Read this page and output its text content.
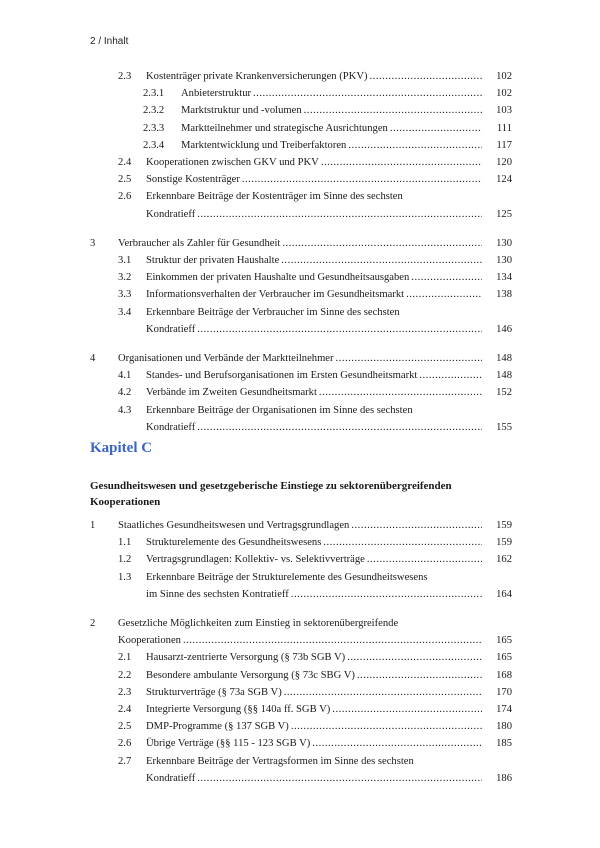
2 / Inhalt
2.3 Kostenträger private Krankenversicherungen (PKV) .....	102
2.3.1 Anbieterstruktur .....	102
2.3.2 Marktstruktur und -volumen .....	103
2.3.3 Marktteilnehmer und strategische Ausrichtungen .....	111
2.3.4 Marktentwicklung und Treiberfaktoren .....	117
2.4 Kooperationen zwischen GKV und PKV .....	120
2.5 Sonstige Kostenträger .....	124
2.6 Erkennbare Beiträge der Kostenträger im Sinne des sechsten
Kondratieff .....	125
3 Verbraucher als Zahler für Gesundheit .....	130
3.1 Struktur der privaten Haushalte .....	130
3.2 Einkommen der privaten Haushalte und Gesundheitsausgaben .....	134
3.3 Informationsverhalten der Verbraucher im Gesundheitsmarkt .....	138
3.4 Erkennbare Beiträge der Verbraucher im Sinne des sechsten
Kondratieff .....	146
4 Organisationen und Verbände der Marktteilnehmer .....	148
4.1 Standes- und Berufsorganisationen im Ersten Gesundheitsmarkt .....	148
4.2 Verbände im Zweiten Gesundheitsmarkt .....	152
4.3 Erkennbare Beiträge der Organisationen im Sinne des sechsten
Kondratieff .....	155
1 Staatliches Gesundheitswesen und Vertragsgrundlagen .....	159
1.1 Strukturelemente des Gesundheitswesens .....	159
1.2 Vertragsgrundlagen: Kollektiv- vs. Selektivverträge .....	162
1.3 Erkennbare Beiträge der Strukturelemente des Gesundheitswesens
im Sinne des sechsten Kontratieff .....	164
2 Gesetzliche Möglichkeiten zum Einstieg in sektorenübergreifende
Kooperationen .....	165
2.1 Hausarzt-zentrierte Versorgung (§ 73b SGB V) .....	165
2.2 Besondere ambulante Versorgung (§ 73c SBG V) .....	168
2.3 Strukturverträge (§ 73a SGB V) .....	170
2.4 Integrierte Versorgung (§§ 140a ff. SGB V) .....	174
2.5 DMP-Programme (§ 137 SGB V) .....	180
2.6 Übrige Verträge (§§ 115 - 123 SGB V) .....	185
2.7 Erkennbare Beiträge der Vertragsformen im Sinne des sechsten
Kondratieff .....	186
Kapitel C
Gesundheitswesen und gesetzgeberische Einstiege zu sektorenübergreifenden Kooperationen
